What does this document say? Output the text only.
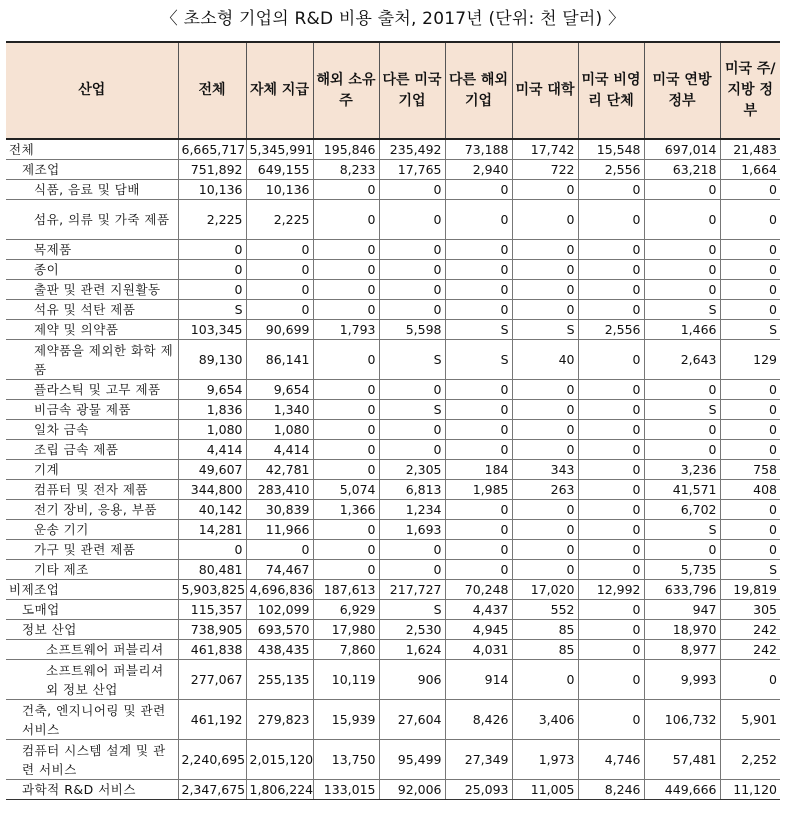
〈 초소형 기업의 R&D 비용 출처, 2017년 (단위: 천 달러) 〉
산업	전체	자체 지급	해외 소유주	다른 미국 기업	다른 해외 기업	미국 대학	미국 비영리 단체	미국 연방 정부	미국 주/ 지방 정부
전체	6,665,717	5,345,991	195,846	235,492	73,188	17,742	15,548	697,014	21,483
제조업	751,892	649,155	8,233	17,765	2,940	722	2,556	63,218	1,664
식품, 음료 및 담배	10,136	10,136	0	0	0	0	0	0	0
섬유, 의류 및 가죽 제품	2,225	2,225	0	0	0	0	0	0	0
목제품	0	0	0	0	0	0	0	0	0
종이	0	0	0	0	0	0	0	0	0
출판 및 관련 지원활동	0	0	0	0	0	0	0	0	0
석유 및 석탄 제품	S	0	0	0	0	0	0	S	0
제약 및 의약품	103,345	90,699	1,793	5,598	S	S	2,556	1,466	S
제약품을 제외한 화학 제품	89,130	86,141	0	S	S	40	0	2,643	129
플라스틱 및 고무 제품	9,654	9,654	0	0	0	0	0	0	0
비금속 광물 제품	1,836	1,340	0	S	0	0	0	S	0
일차 금속	1,080	1,080	0	0	0	0	0	0	0
조립 금속 제품	4,414	4,414	0	0	0	0	0	0	0
기계	49,607	42,781	0	2,305	184	343	0	3,236	758
컴퓨터 및 전자 제품	344,800	283,410	5,074	6,813	1,985	263	0	41,571	408
전기 장비, 응용, 부품	40,142	30,839	1,366	1,234	0	0	0	6,702	0
운송 기기	14,281	11,966	0	1,693	0	0	0	S	0
가구 및 관련 제품	0	0	0	0	0	0	0	0	0
기타 제조	80,481	74,467	0	0	0	0	0	5,735	S
비제조업	5,903,825	4,696,836	187,613	217,727	70,248	17,020	12,992	633,796	19,819
도매업	115,357	102,099	6,929	S	4,437	552	0	947	305
정보 산업	738,905	693,570	17,980	2,530	4,945	85	0	18,970	242
소프트웨어 퍼블리셔	461,838	438,435	7,860	1,624	4,031	85	0	8,977	242
소프트웨어 퍼블리셔 외 정보 산업	277,067	255,135	10,119	906	914	0	0	9,993	0
건축, 엔지니어링 및 관련 서비스	461,192	279,823	15,939	27,604	8,426	3,406	0	106,732	5,901
컴퓨터 시스템 설계 및 관련 서비스	2,240,695	2,015,120	13,750	95,499	27,349	1,973	4,746	57,481	2,252
과학적 R&D 서비스	2,347,675	1,806,224	133,015	92,006	25,093	11,005	8,246	449,666	11,120
